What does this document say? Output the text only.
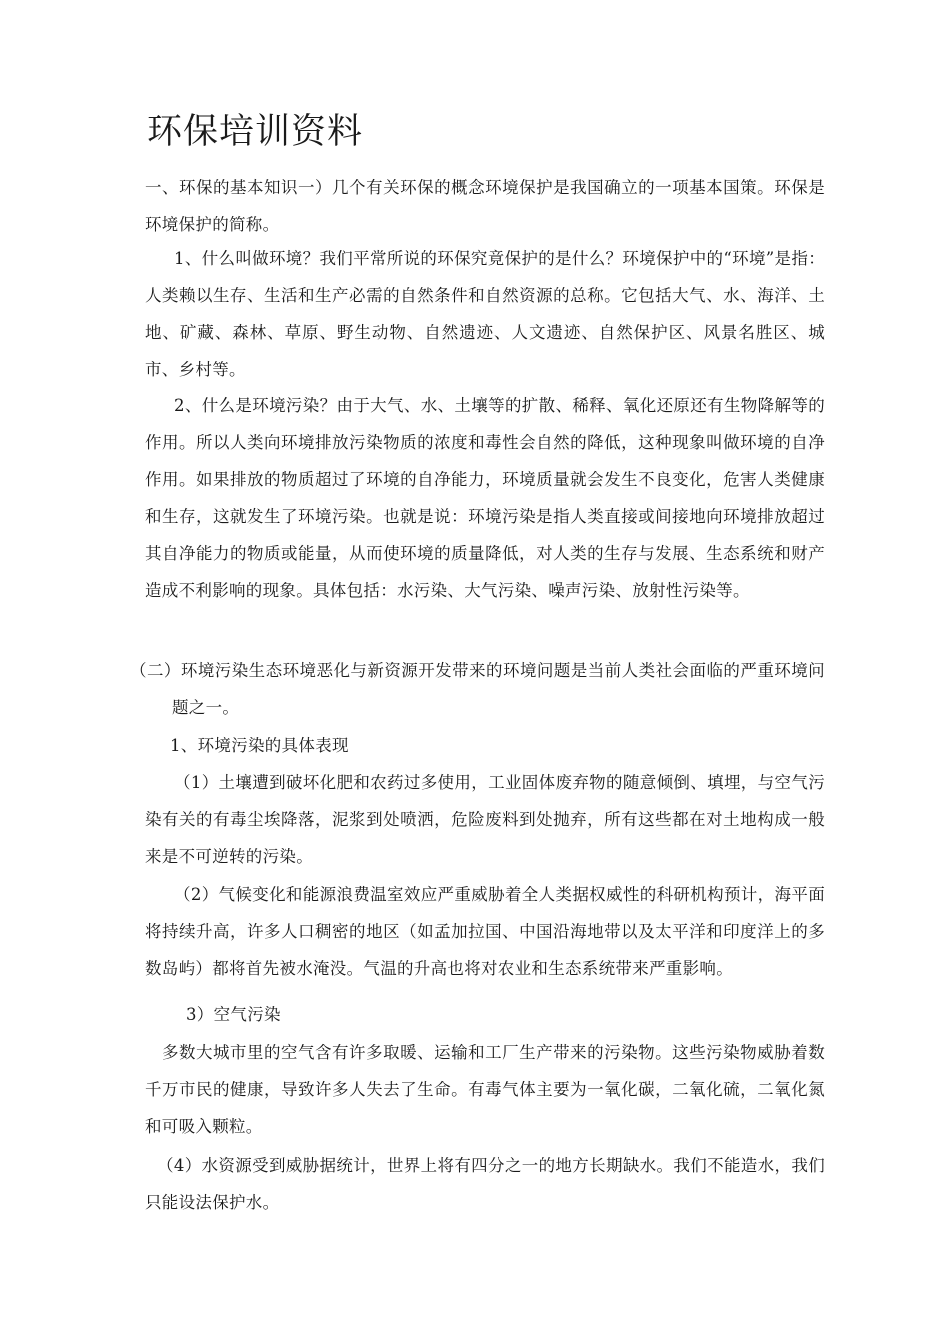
环保培训资料

一、环保的基本知识一）几个有关环保的概念环境保护是我国确立的一项基本国策。环保是环境保护的简称。

1、什么叫做环境？我们平常所说的环保究竟保护的是什么？环境保护中的“环境”是指：人类赖以生存、生活和生产必需的自然条件和自然资源的总称。它包括大气、水、海洋、土地、矿藏、森林、草原、野生动物、自然遗迹、人文遗迹、自然保护区、风景名胜区、城市、乡村等。

2、什么是环境污染？由于大气、水、土壤等的扩散、稀释、氧化还原还有生物降解等的作用。所以人类向环境排放污染物质的浓度和毒性会自然的降低，这种现象叫做环境的自净作用。如果排放的物质超过了环境的自净能力，环境质量就会发生不良变化，危害人类健康和生存，这就发生了环境污染。也就是说：环境污染是指人类直接或间接地向环境排放超过其自净能力的物质或能量，从而使环境的质量降低，对人类的生存与发展、生态系统和财产造成不利影响的现象。具体包括：水污染、大气污染、噪声污染、放射性污染等。

（二）环境污染生态环境恶化与新资源开发带来的环境问题是当前人类社会面临的严重环境问题之一。

1、环境污染的具体表现

（1）土壤遭到破坏化肥和农药过多使用，工业固体废弃物的随意倾倒、填埋，与空气污染有关的有毒尘埃降落，泥浆到处喷洒，危险废料到处抛弃，所有这些都在对土地构成一般来是不可逆转的污染。

（2）气候变化和能源浪费温室效应严重威胁着全人类据权威性的科研机构预计，海平面将持续升高，许多人口稠密的地区（如孟加拉国、中国沿海地带以及太平洋和印度洋上的多数岛屿）都将首先被水淹没。气温的升高也将对农业和生态系统带来严重影响。

3）空气污染

多数大城市里的空气含有许多取暖、运输和工厂生产带来的污染物。这些污染物威胁着数千万市民的健康，导致许多人失去了生命。有毒气体主要为一氧化碳，二氧化硫，二氧化氮和可吸入颗粒。

（4）水资源受到威胁据统计，世界上将有四分之一的地方长期缺水。我们不能造水，我们只能设法保护水。
